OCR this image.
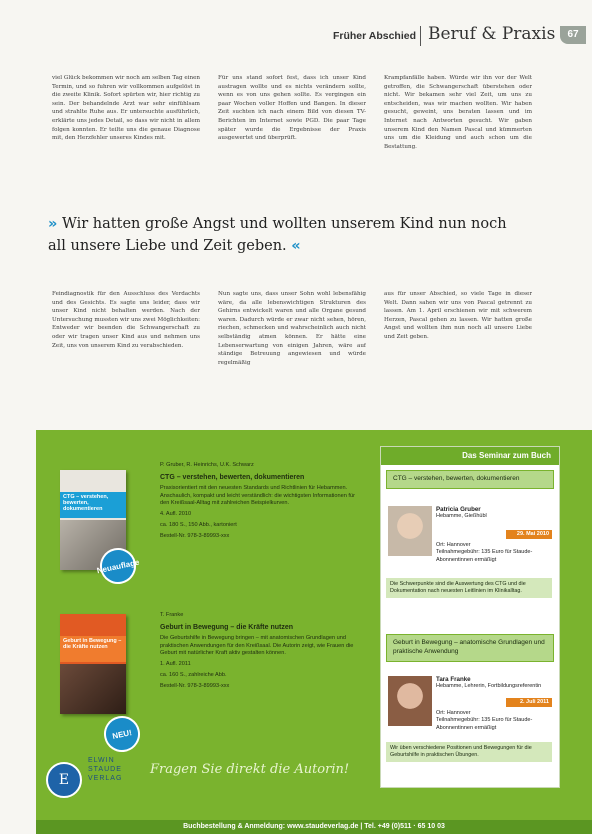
Früher Abschied Beruf & Praxis	67
viel Glück bekommen wir noch am selben Tag einen Termin, und so fuhren wir vollkommen aufgelöst in die zweite Klinik. Sofort spürten wir, hier richtig zu sein. Der behandelnde Arzt war sehr einfühlsam und strahlte Ruhe aus. Er untersuchte ausführlich, erklärte uns jedes Detail, so dass wir nicht in allem folgen konnten. Er teilte uns die genaue Diagnose mit, den Herzfehler unseres Kindes mit.
Für uns stand sofort fest, dass ich unser Kind austragen wollte und es nichts verändern sollte, wenn es von uns gehen sollte. Es vergingen ein paar Wochen voller Hoffen und Bangen. In dieser Zeit suchten ich nach einem Bild von diesen TV-Berichten im Internet sowie PGD. Die paar Tage später wurde die Ergebnisse der Praxis ausgewertet und überprüft.
Krampfanfälle haben. Würde wir ihn vor der Welt getroffen, die Schwangerschaft überstehen oder nicht. Wir bekamen sehr viel Zeit, um uns zu entscheiden, was wir machen wollten. Wir haben gesucht, geweint, uns beraten lassen und im Internet nach Antworten gesucht. Wir gaben unserem Kind den Namen Pascal und kümmerten uns um die Kleidung und auch schon um die Bestattung.
» Wir hatten große Angst und wollten unserem Kind nun noch all unsere Liebe und Zeit geben. «
Feindiagnostik für den Ausschluss des Verdachts und des Gesichts. Es sagte uns leider, dass wir unser Kind nicht behalten werden. Nach der Untersuchung mussten wir uns zwei Möglichkeiten: Entweder wir beenden die Schwangerschaft zu oder wir tragen unser Kind aus und nehmen uns Zeit, uns von unserem Kind zu verabschieden.
Nun sagte uns, dass unser Sohn wohl lebensfähig wäre, da alle lebenswichtigen Strukturen des Gehirns entwickelt waren und alle Organe gesund waren. Dadurch würde er zwar nicht sehen, hören, riechen, schmecken und wahrscheinlich auch nicht selbständig atmen können. Er hätte eine Lebenserwartung von einigen Jahren, wäre auf ständige Betreuung angewiesen und würde regelmäßig
aus für unser Abschied, so viele Tage in dieser Welt. Dann sahen wir uns von Pascal getrennt zu lassen. Am 1. April erschienen wir mit schwerem Herzen, Pascal gehen zu lassen. Wir hatten große Angst und wollten ihm nun noch all unsere Liebe und Zeit geben.
CTG – verstehen, bewerten, dokumentieren
Neuauflage

P. Gruber, R. Heinrichs, U.K. Schwarz

CTG – verstehen, bewerten, dokumentieren

Praxisorientiert mit den neuesten Standards und Richtlinien für Hebammen. Anschaulich, kompakt und leicht verständlich: die wichtigsten Informationen für den Kreißsaal-Alltag mit zahlreichen Beispielkurven.

4. Aufl. 2010

ca. 180 S., 150 Abb., kartoniert

Bestell-Nr. 978-3-89993-xxx

Geburt in Bewegung – die Kräfte nutzen
NEU!

T. Franke

Geburt in Bewegung – die Kräfte nutzen

Die Geburtshilfe in Bewegung bringen – mit anatomischen Grundlagen und praktischen Anwendungen für den Kreißsaal. Die Autorin zeigt, wie Frauen die Geburt mit natürlicher Kraft aktiv gestalten können.

1. Aufl. 2011

ca. 160 S., zahlreiche Abb.

Bestell-Nr. 978-3-89993-xxx

Fragen Sie direkt die Autorin!
E
ELWIN
STAUDE
VERLAG
Das Seminar zum Buch
CTG – verstehen, bewerten, dokumentieren
Patricia Gruber
Hebamme, Gießhübl
29. Mai 2010
Ort: Hannover
Teilnahmegebühr: 135 Euro für Staude-Abonnentinnen ermäßigt
Die Schwerpunkte sind die Auswertung des CTG und die Dokumentation nach neuesten Leitlinien im Klinikalltag.
Geburt in Bewegung – anatomische Grundlagen und praktische Anwendung
Tara Franke
Hebamme, Lehrerin, Fortbildungsreferentin
2. Juli 2011
Ort: Hannover
Teilnahmegebühr: 135 Euro für Staude-Abonnentinnen ermäßigt
Wir üben verschiedene Positionen und Bewegungen für die Geburtshilfe in praktischen Übungen.
Buchbestellung & Anmeldung: www.staudeverlag.de | Tel. +49 (0)511 · 65 10 03
